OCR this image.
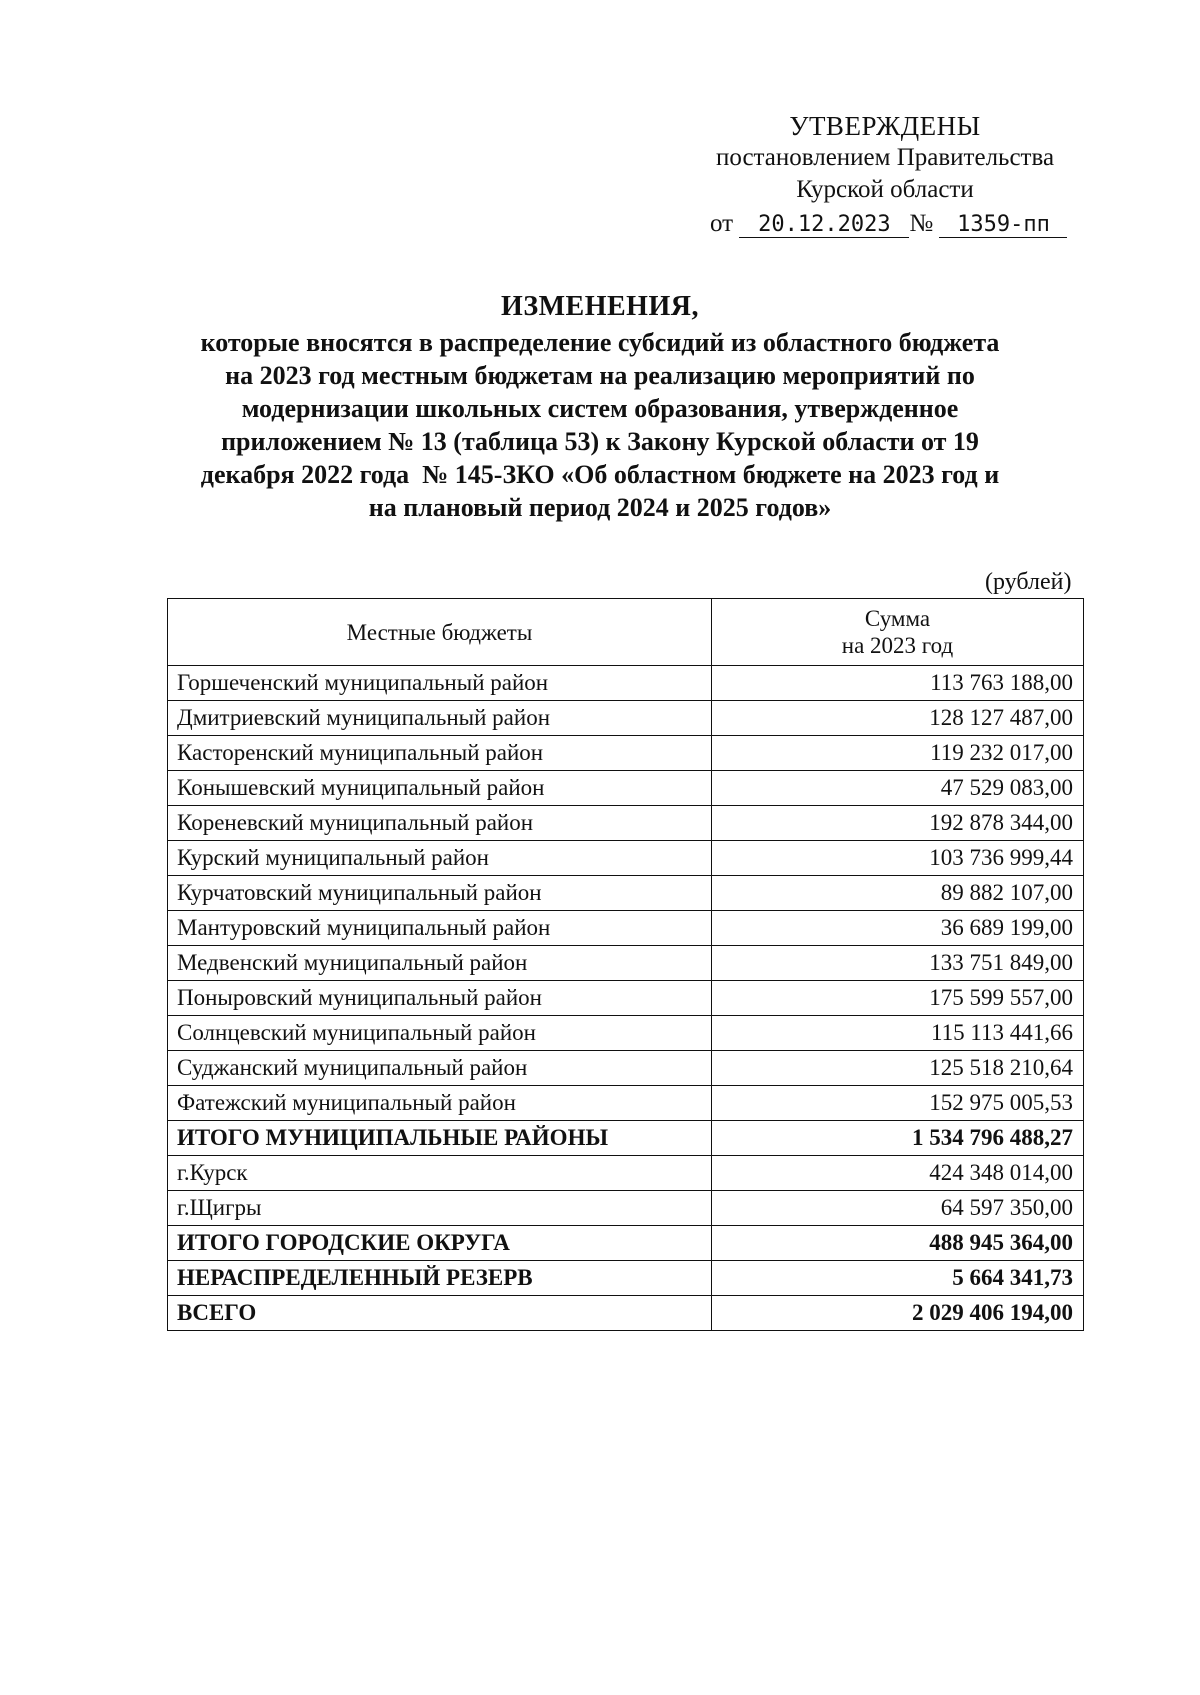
УТВЕРЖДЕНЫ
постановлением Правительства
Курской области
от 20.12.2023 № 1359-пп
ИЗМЕНЕНИЯ,
которые вносятся в распределение субсидий из областного бюджета
на 2023 год местным бюджетам на реализацию мероприятий по
модернизации школьных систем образования, утвержденное
приложением № 13 (таблица 53) к Закону Курской области от 19
декабря 2022 года  № 145-ЗКО «Об областном бюджете на 2023 год и
на плановый период 2024 и 2025 годов»
(рублей)
Местные бюджеты	Сумма
на 2023 год

Горшеченский муниципальный район	113 763 188,00
Дмитриевский муниципальный район	128 127 487,00
Касторенский муниципальный район	119 232 017,00
Конышевский муниципальный район	47 529 083,00
Кореневский муниципальный район	192 878 344,00
Курский муниципальный район	103 736 999,44
Курчатовский муниципальный район	89 882 107,00
Мантуровский муниципальный район	36 689 199,00
Медвенский муниципальный район	133 751 849,00
Поныровский муниципальный район	175 599 557,00
Солнцевский муниципальный район	115 113 441,66
Суджанский муниципальный район	125 518 210,64
Фатежский муниципальный район	152 975 005,53
ИТОГО МУНИЦИПАЛЬНЫЕ РАЙОНЫ	1 534 796 488,27
г.Курск	424 348 014,00
г.Щигры	64 597 350,00
ИТОГО ГОРОДСКИЕ ОКРУГА	488 945 364,00
НЕРАСПРЕДЕЛЕННЫЙ РЕЗЕРВ	5 664 341,73
ВСЕГО	2 029 406 194,00
